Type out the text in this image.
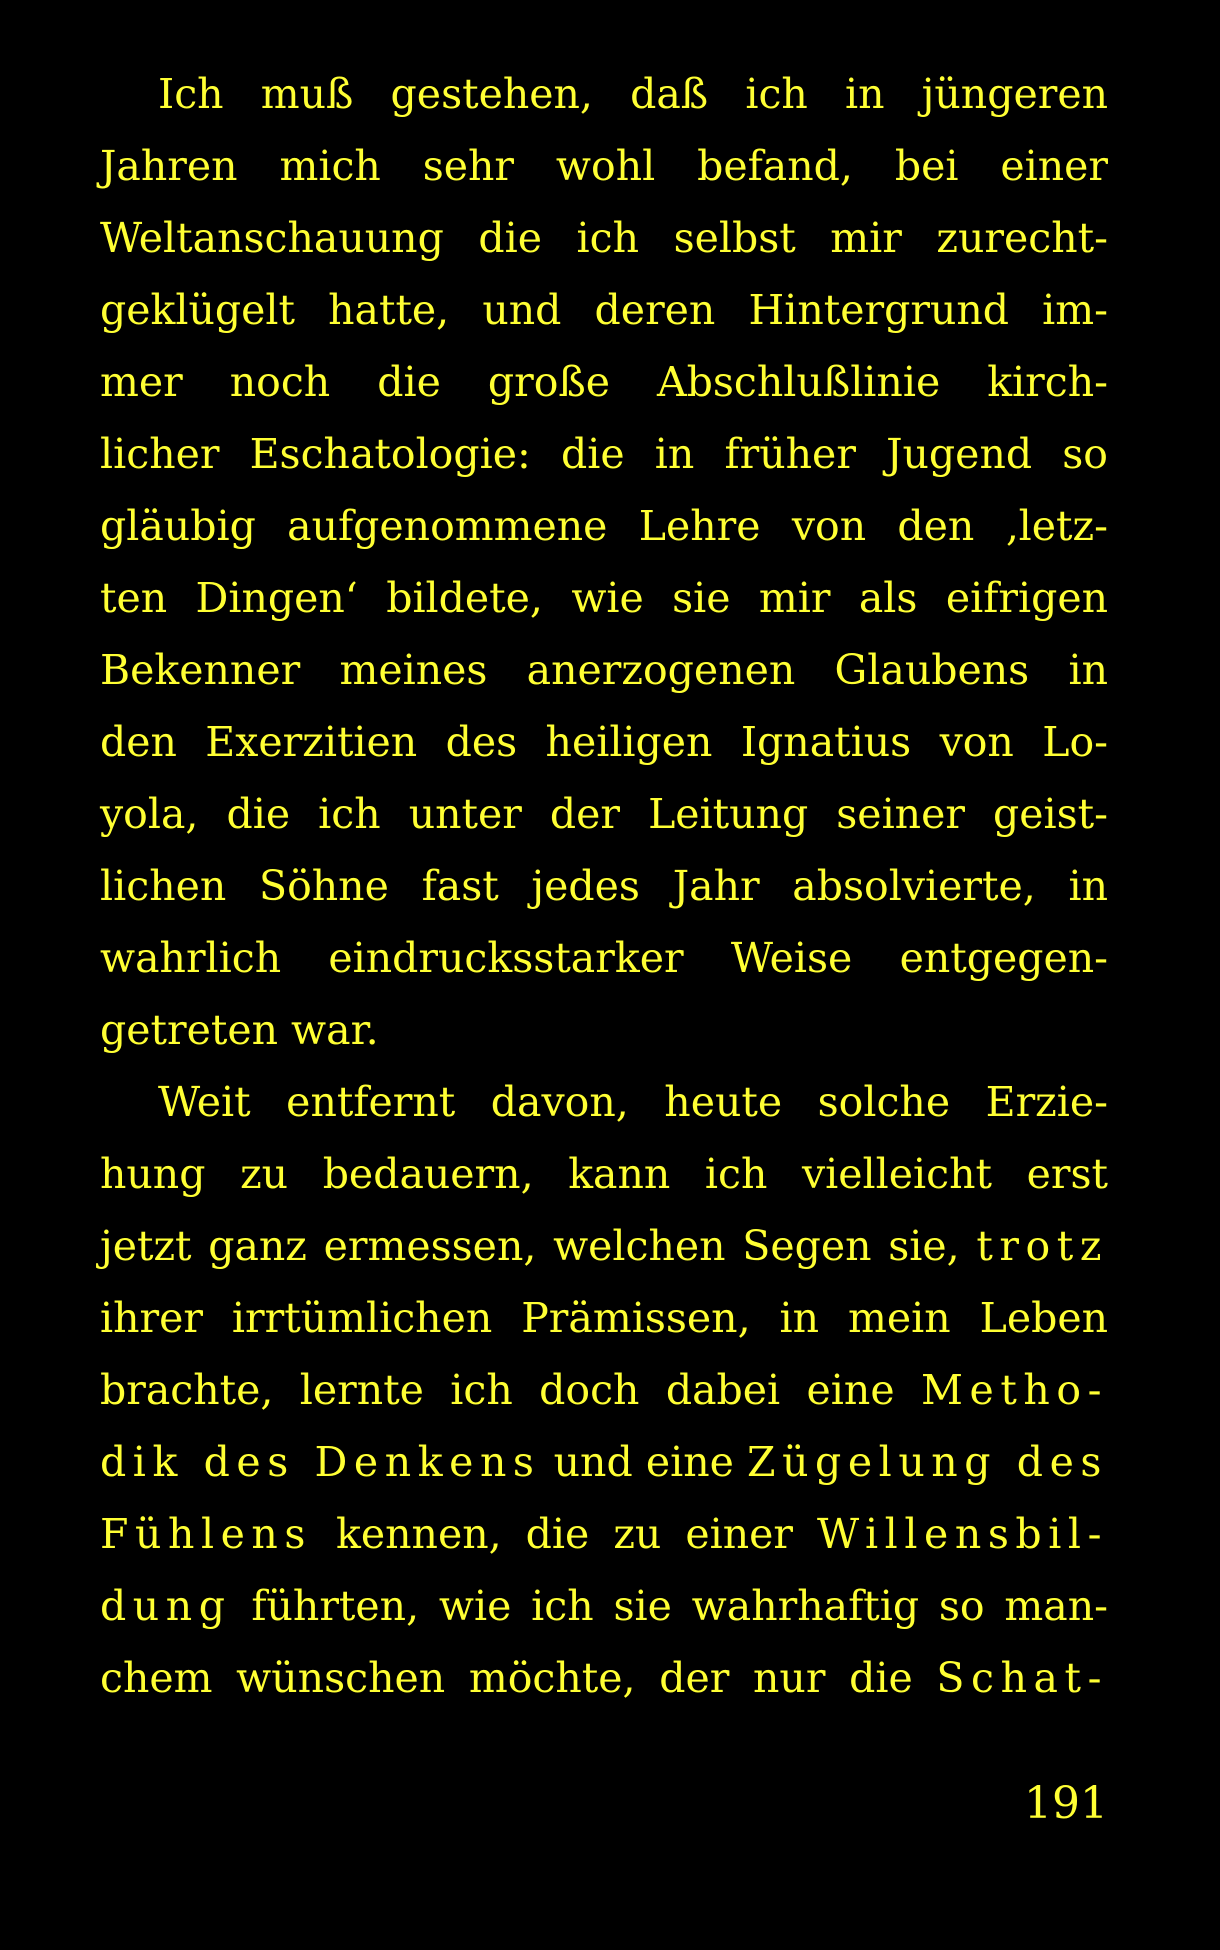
Ich muß gestehen, daß ich in jüngeren
Jahren mich sehr wohl befand, bei einer
Weltanschauung die ich selbst mir zurecht-
geklügelt hatte, und deren Hintergrund im-
mer noch die große Abschlußlinie kirch-
licher Eschatologie: die in früher Jugend so
gläubig aufgenommene Lehre von den ‚letz-
ten Dingen‘ bildete, wie sie mir als eifrigen
Bekenner meines anerzogenen Glaubens in
den Exerzitien des heiligen Ignatius von Lo-
yola, die ich unter der Leitung seiner geist-
lichen Söhne fast jedes Jahr absolvierte, in
wahrlich eindrucksstarker Weise entgegen-
getreten war.
Weit entfernt davon, heute solche Erzie-
hung zu bedauern, kann ich vielleicht erst
jetzt ganz ermessen, welchen Segen sie, trotz
ihrer irrtümlichen Prämissen, in mein Leben
brachte, lernte ich doch dabei eine Metho-
dik des Denkens und eine Zügelung des
Fühlens kennen, die zu einer Willensbil-
dung führten, wie ich sie wahrhaftig so man-
chem wünschen möchte, der nur die Schat-
191
